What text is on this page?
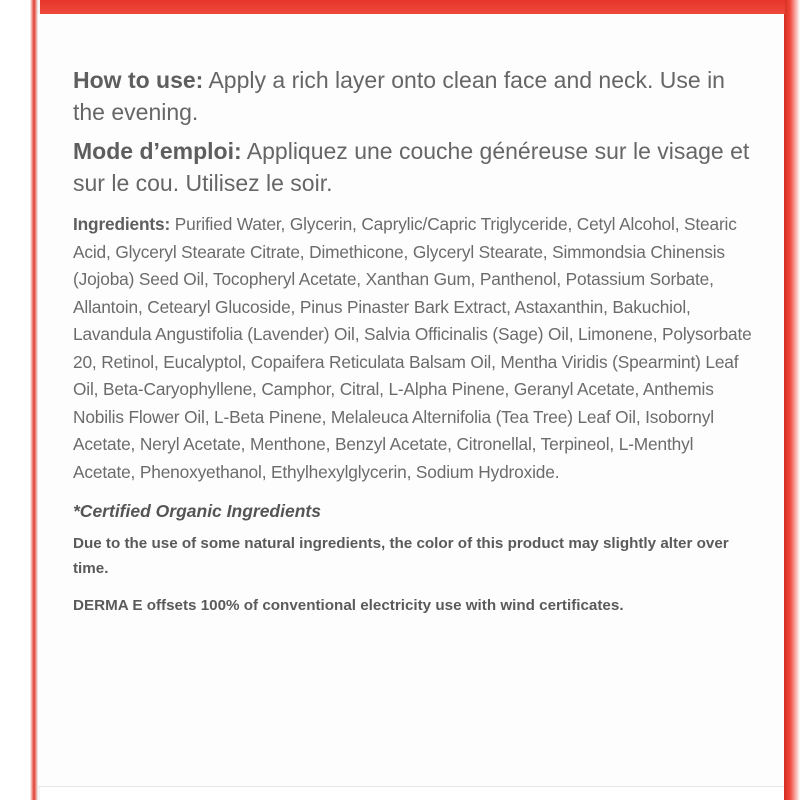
How to use: Apply a rich layer onto clean face and neck. Use in the evening.

Mode d’emploi: Appliquez une couche généreuse sur le visage et sur le cou. Utilisez le soir.

Ingredients: Purified Water, Glycerin, Caprylic/Capric Triglyceride, Cetyl Alcohol, Stearic Acid, Glyceryl Stearate Citrate, Dimethicone, Glyceryl Stearate, Simmondsia Chinensis (Jojoba) Seed Oil, Tocopheryl Acetate, Xanthan Gum, Panthenol, Potassium Sorbate, Allantoin, Cetearyl Glucoside, Pinus Pinaster Bark Extract, Astaxanthin, Bakuchiol, Lavandula Angustifolia (Lavender) Oil, Salvia Officinalis (Sage) Oil, Limonene, Polysorbate 20, Retinol, Eucalyptol, Copaifera Reticulata Balsam Oil, Mentha Viridis (Spearmint) Leaf Oil, Beta-Caryophyllene, Camphor, Citral, L-Alpha Pinene, Geranyl Acetate, Anthemis Nobilis Flower Oil, L-Beta Pinene, Melaleuca Alternifolia (Tea Tree) Leaf Oil, Isobornyl Acetate, Neryl Acetate, Menthone, Benzyl Acetate, Citronellal, Terpineol, L-Menthyl Acetate, Phenoxyethanol, Ethylhexylglycerin, Sodium Hydroxide.
*Certified Organic Ingredients
Due to the use of some natural ingredients, the color of this product may slightly alter over time.
DERMA E offsets 100% of conventional electricity use with wind certificates.
